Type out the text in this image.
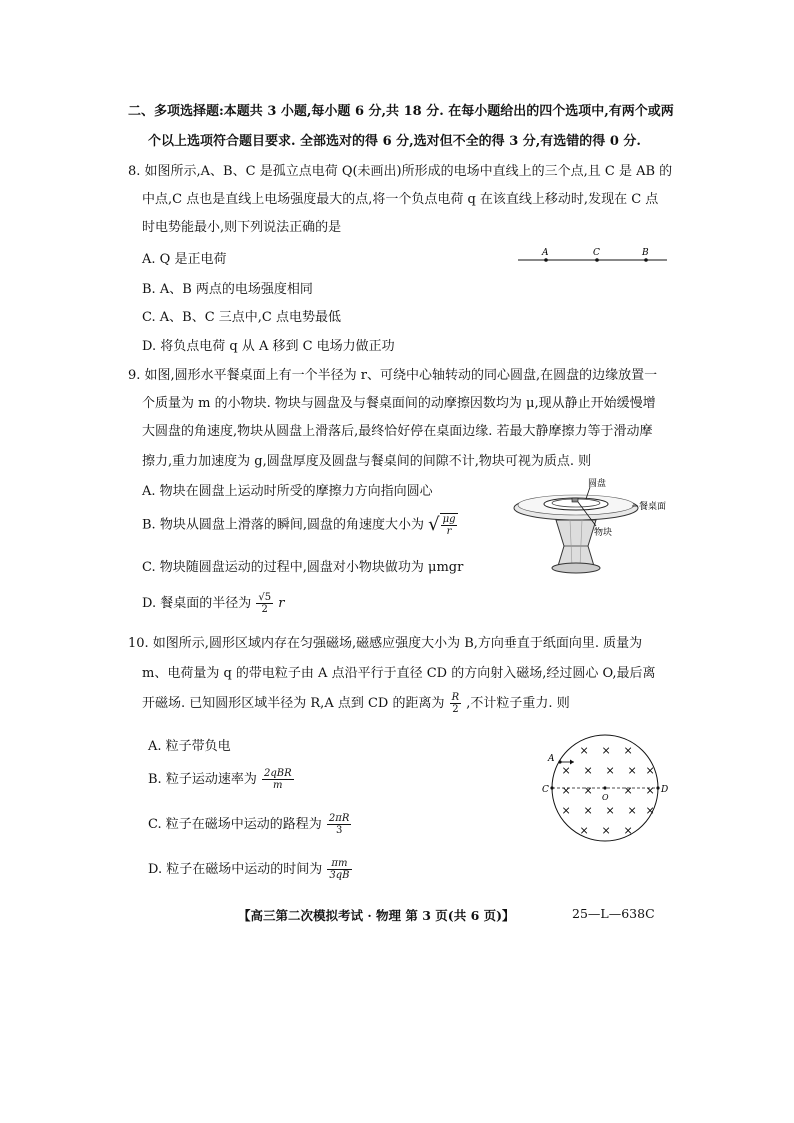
二、多项选择题:本题共 3 小题,每小题 6 分,共 18 分. 在每小题给出的四个选项中,有两个或两
个以上选项符合题目要求. 全部选对的得 6 分,选对但不全的得 3 分,有选错的得 0 分.
8. 如图所示,A、B、C 是孤立点电荷 Q(未画出)所形成的电场中直线上的三个点,且 C 是 AB 的
中点,C 点也是直线上电场强度最大的点,将一个负点电荷 q 在该直线上移动时,发现在 C 点
时电势能最小,则下列说法正确的是
A. Q 是正电荷
B. A、B 两点的电场强度相同
C. A、B、C 三点中,C 点电势最低
D. 将负点电荷 q 从 A 移到 C 电场力做正功
A	C	B
9. 如图,圆形水平餐桌面上有一个半径为 r、可绕中心轴转动的同心圆盘,在圆盘的边缘放置一
个质量为 m 的小物块. 物块与圆盘及与餐桌面间的动摩擦因数均为 μ,现从静止开始缓慢增
大圆盘的角速度,物块从圆盘上滑落后,最终恰好停在桌面边缘. 若最大静摩擦力等于滑动摩
擦力,重力加速度为 g,圆盘厚度及圆盘与餐桌间的间隙不计,物块可视为质点. 则
A. 物块在圆盘上运动时所受的摩擦力方向指向圆心
B. 物块从圆盘上滑落的瞬间,圆盘的角速度大小为 √ $\frac{\mu g}{r}$
C. 物块随圆盘运动的过程中,圆盘对小物块做功为 μmgr
D. 餐桌面的半径为 $\frac{√5}{2}$ r
圆盘
餐桌面
物块
10. 如图所示,圆形区域内存在匀强磁场,磁感应强度大小为 B,方向垂直于纸面向里. 质量为
m、电荷量为 q 的带电粒子由 A 点沿平行于直径 CD 的方向射入磁场,经过圆心 O,最后离
开磁场. 已知圆形区域半径为 R,A 点到 CD 的距离为 $\frac{R}{2}$ ,不计粒子重力. 则
A. 粒子带负电
B. 粒子运动速率为 $\frac{\text{2qBR}}{m}$
C. 粒子在磁场中运动的路程为 $\frac{2\pi R}{3}$
D. 粒子在磁场中运动的时间为 $\frac{\pi m}{3qB}$
A
C	D
O
× × ×
× × × × ×
× ×	× ×
× × × × ×
× × ×
【高三第二次模拟考试 · 物理 第 3 页(共 6 页)】	25—L—638C
